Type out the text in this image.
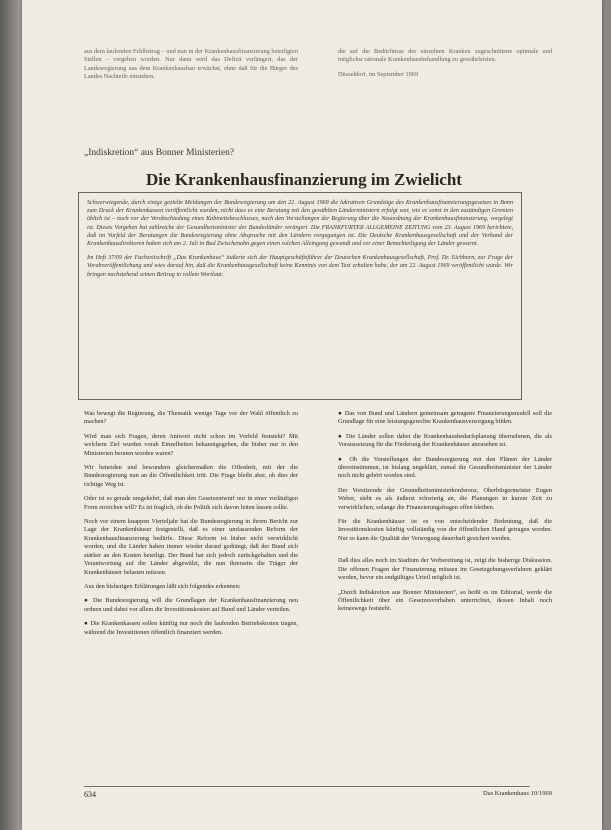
aus dem laufenden Fehlbetrag – und nun in der Krankenhausfinanzierung beteiligten Stellen – vergeben worden. Nur dann wird das Defizit verlängert, das der Landesregierung aus dem Krankenhausbau erwächst, ohne daß für die Bürger des Landes Nachteile entstehen.

die auf die Bedürfnisse der einzelnen Kranken zugeschnittene optimale und möglichst rationale Krankenhausbehandlung zu gewährleisten.

Düsseldorf, im September 1969

„Indiskretion“ aus Bonner Ministerien?
Die Krankenhausfinanzierung im Zwielicht

Schwerwiegende, durch einige gezielte Meldungen der Bundesregierung um den 22. August 1969 die lukrativen Grundzüge des Krankenhausfinanzierungsgesetzes in Bonn zum Druck der Krankenkassen veröffentlicht wurden, nicht dass es eine Beratung mit den gewählten Länderministern erfolgt war, wie es sonst in den zuständigen Gremien üblich ist – noch vor der Verabschiedung eines Kabinettsbeschlusses, nach den Vorstellungen der Regierung über die Neuordnung der Krankenhausfinanzierung, vorgelegt ist. Dieses Vorgehen hat zahlreiche der Gesundheitsminister der Bundesländer verärgert. Die FRANKFURTER ALLGEMEINE ZEITUNG vom 23. August 1969 berichtete, daß im Vorfeld der Beratungen die Bundesregierung ohne Absprache mit den Ländern vorgegangen ist. Die Deutsche Krankenhausgesellschaft und der Verband der Krankenhausdirektoren haben sich am 2. Juli in Bad Zwischenahn gegen einen solchen Alleingang gewandt und vor einer Benachteiligung der Länder gewarnt.

Im Heft 37/69 der Fachzeitschrift „Das Krankenhaus“ äußerte sich der Hauptgeschäftsführer der Deutschen Krankenhausgesellschaft, Prof. Dr. Eichhorn, zur Frage der Vorabveröffentlichung und wies darauf hin, daß die Krankenhausgesellschaft keine Kenntnis von dem Text erhalten habe, der am 22. August 1969 veröffentlicht wurde. Wir bringen nachstehend seinen Beitrag in vollem Wortlaut:

Was bewegt die Regierung, die Thematik wenige Tage vor der Wahl öffentlich zu machen?

Wird man sich Fragen, deren Antwort nicht schon im Vorfeld feststeht? Mit welchem Ziel wurden vorab Einzelheiten bekanntgegeben, die bisher nur in den Ministerien beraten worden waren?

Wir beneiden und bewundern gleichermaßen die Offenheit, mit der die Bundesregierung nun an die Öffentlichkeit tritt. Die Frage bleibt aber, ob dies der richtige Weg ist.

Oder ist es gerade umgekehrt, daß man den Gesetzentwurf nur in einer vorläufigen Form erreichen will? Es ist fraglich, ob die Politik sich davon leiten lassen sollte.

Noch vor einem knappen Vierteljahr hat die Bundesregierung in ihrem Bericht zur Lage der Krankenhäuser festgestellt, daß es einer umfassenden Reform der Krankenhausfinanzierung bedürfe. Diese Reform ist bisher nicht verwirklicht worden, und die Länder haben immer wieder darauf gedrängt, daß der Bund sich stärker an den Kosten beteiligt. Der Bund hat sich jedoch zurückgehalten und die Verantwortung auf die Länder abgewälzt, die nun ihrerseits die Träger der Krankenhäuser belasten müssen.

Aus den bisherigen Erklärungen läßt sich folgendes erkennen:

● Die Bundesregierung will die Grundlagen der Krankenhausfinanzierung neu ordnen und dabei vor allem die Investitionskosten auf Bund und Länder verteilen.

● Die Krankenkassen sollen künftig nur noch die laufenden Betriebskosten tragen, während die Investitionen öffentlich finanziert werden.

● Das von Bund und Ländern gemeinsam getragene Finanzierungsmodell soll die Grundlage für eine leistungsgerechte Krankenhausversorgung bilden.

● Die Länder sollen dabei die Krankenhausbedarfsplanung übernehmen, die als Voraussetzung für die Förderung der Krankenhäuser anzusehen ist.

● Ob die Vorstellungen der Bundesregierung mit den Plänen der Länder übereinstimmen, ist bislang ungeklärt, zumal die Gesundheitsminister der Länder noch nicht gehört worden sind.

Der Vorsitzende der Gesundheitsministerkonferenz, Oberbürgermeister Eugen Weber, sieht es als äußerst schwierig an, die Planungen in kurzer Zeit zu verwirklichen, solange die Finanzierungsfragen offen bleiben.

Für die Krankenhäuser ist es von entscheidender Bedeutung, daß die Investitionskosten künftig vollständig von der öffentlichen Hand getragen werden. Nur so kann die Qualität der Versorgung dauerhaft gesichert werden.

Daß dies alles noch im Stadium der Vorbereitung ist, zeigt die bisherige Diskussion. Die offenen Fragen der Finanzierung müssen im Gesetzgebungsverfahren geklärt werden, bevor ein endgültiges Urteil möglich ist.

„Durch Indiskretion aus Bonner Ministerien“, so heißt es im Editorial, werde die Öffentlichkeit über ein Gesetzesvorhaben unterrichtet, dessen Inhalt noch keineswegs feststeht.

634	Das Krankenhaus 10/1969
